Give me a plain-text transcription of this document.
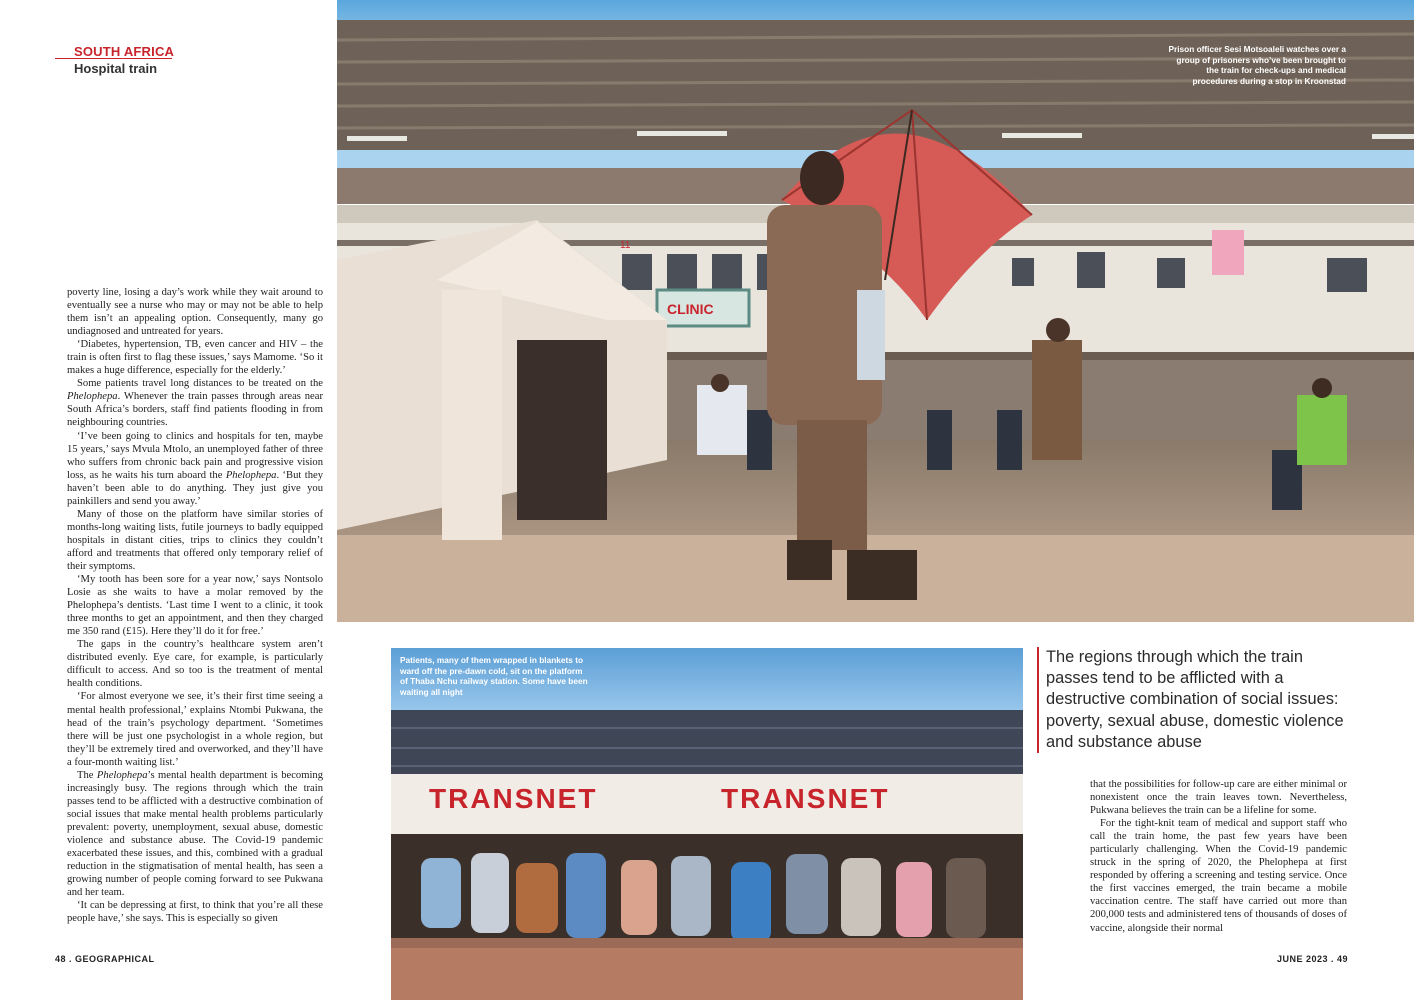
SOUTH AFRICA
Hospital train

poverty line, losing a day’s work while they wait around to eventually see a nurse who may or may not be able to help them isn’t an appealing option. Consequently, many go undiagnosed and untreated for years.

‘Diabetes, hypertension, TB, even cancer and HIV – the train is often first to flag these issues,’ says Mamome. ‘So it makes a huge difference, especially for the elderly.’

Some patients travel long distances to be treated on the Phelophepa. Whenever the train passes through areas near South Africa’s borders, staff find patients flooding in from neighbouring countries.

‘I’ve been going to clinics and hospitals for ten, maybe 15 years,’ says Mvula Mtolo, an unemployed father of three who suffers from chronic back pain and progressive vision loss, as he waits his turn aboard the Phelophepa. ‘But they haven’t been able to do anything. They just give you painkillers and send you away.’

Many of those on the platform have similar stories of months-long waiting lists, futile journeys to badly equipped hospitals in distant cities, trips to clinics they couldn’t afford and treatments that offered only temporary relief of their symptoms.

‘My tooth has been sore for a year now,’ says Nontsolo Losie as she waits to have a molar removed by the Phelophepa’s dentists. ‘Last time I went to a clinic, it took three months to get an appointment, and then they charged me 350 rand (£15). Here they’ll do it for free.’

The gaps in the country’s healthcare system aren’t distributed evenly. Eye care, for example, is particularly difficult to access. And so too is the treatment of mental health conditions.

‘For almost everyone we see, it’s their first time seeing a mental health professional,’ explains Ntombi Pukwana, the head of the train’s psychology department. ‘Sometimes there will be just one psychologist in a whole region, but they’ll be extremely tired and overworked, and they’ll have a four-month waiting list.’

The Phelophepa’s mental health department is becoming increasingly busy. The regions through which the train passes tend to be afflicted with a destructive combination of social issues that make mental health problems particularly prevalent: poverty, unemployment, sexual abuse, domestic violence and substance abuse. The Covid-19 pandemic exacerbated these issues, and this, combined with a gradual reduction in the stigmatisation of mental health, has seen a growing number of people coming forward to see Pukwana and her team.

‘It can be depressing at first, to think that you’re all these people have,’ she says. This is especially so given

11
CLINIC
Prison officer Sesi Motsoaleli watches over a group of prisoners who’ve been brought to the train for check-ups and medical procedures during a stop in Kroonstad
TRANSNET	TRANSNET
Patients, many of them wrapped in blankets to ward off the pre-dawn cold, sit on the platform of Thaba Nchu railway station. Some have been waiting all night
The regions through which the train passes tend to be afflicted with a destructive combination of social issues: poverty, sexual abuse, domestic violence and substance abuse

that the possibilities for follow-up care are either minimal or nonexistent once the train leaves town. Nevertheless, Pukwana believes the train can be a lifeline for some.

For the tight-knit team of medical and support staff who call the train home, the past few years have been particularly challenging. When the Covid-19 pandemic struck in the spring of 2020, the Phelophepa at first responded by offering a screening and testing service. Once the first vaccines emerged, the train became a mobile vaccination centre. The staff have carried out more than 200,000 tests and administered tens of thousands of doses of vaccine, alongside their normal

48 . GEOGRAPHICAL	JUNE 2023 . 49
